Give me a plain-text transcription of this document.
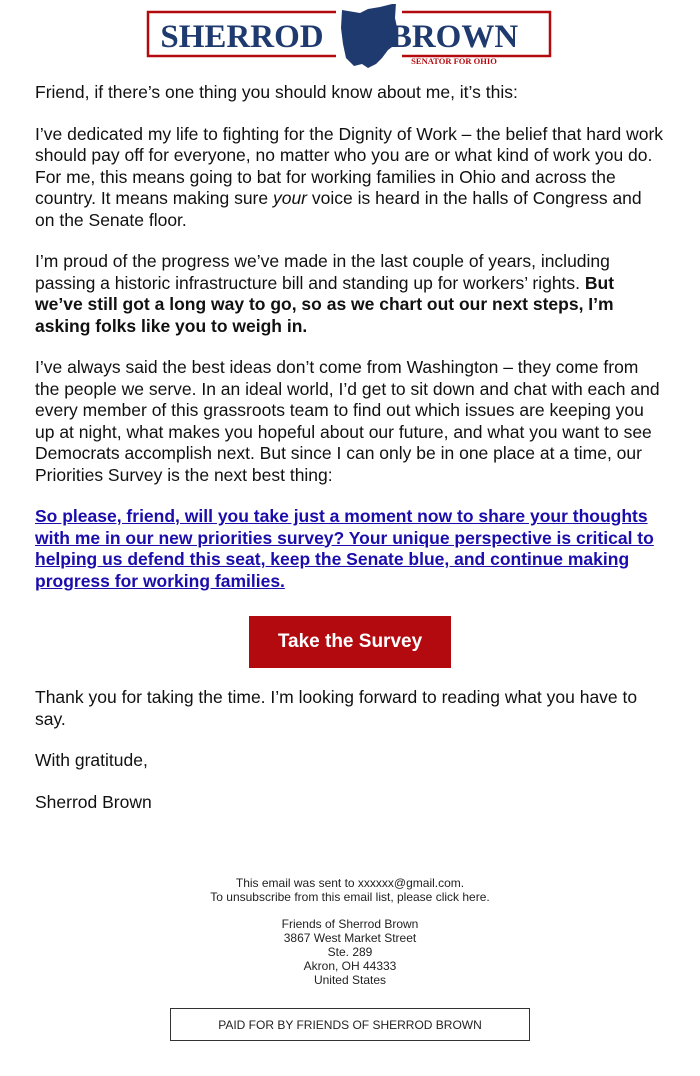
SHERROD BROWN
SENATOR FOR OHIO

Friend, if there’s one thing you should know about me, it’s this:

I’ve dedicated my life to fighting for the Dignity of Work – the belief that hard work should pay off for everyone, no matter who you are or what kind of work you do. For me, this means going to bat for working families in Ohio and across the country. It means making sure your voice is heard in the halls of Congress and on the Senate floor.

I’m proud of the progress we’ve made in the last couple of years, including passing a historic infrastructure bill and standing up for workers’ rights. But we’ve still got a long way to go, so as we chart out our next steps, I’m asking folks like you to weigh in.

I’ve always said the best ideas don’t come from Washington – they come from the people we serve. In an ideal world, I’d get to sit down and chat with each and every member of this grassroots team to find out which issues are keeping you up at night, what makes you hopeful about our future, and what you want to see Democrats accomplish next. But since I can only be in one place at a time, our Priorities Survey is the next best thing:

So please, friend, will you take just a moment now to share your thoughts with me in our new priorities survey? Your unique perspective is critical to helping us defend this seat, keep the Senate blue, and continue making progress for working families.

Take the Survey

Thank you for taking the time. I’m looking forward to reading what you have to say.

With gratitude,

Sherrod Brown

This email was sent to xxxxxx@gmail.com.

To unsubscribe from this email list, please click here.

Friends of Sherrod Brown

3867 West Market Street

Ste. 289

Akron, OH 44333

United States

PAID FOR BY FRIENDS OF SHERROD BROWN
